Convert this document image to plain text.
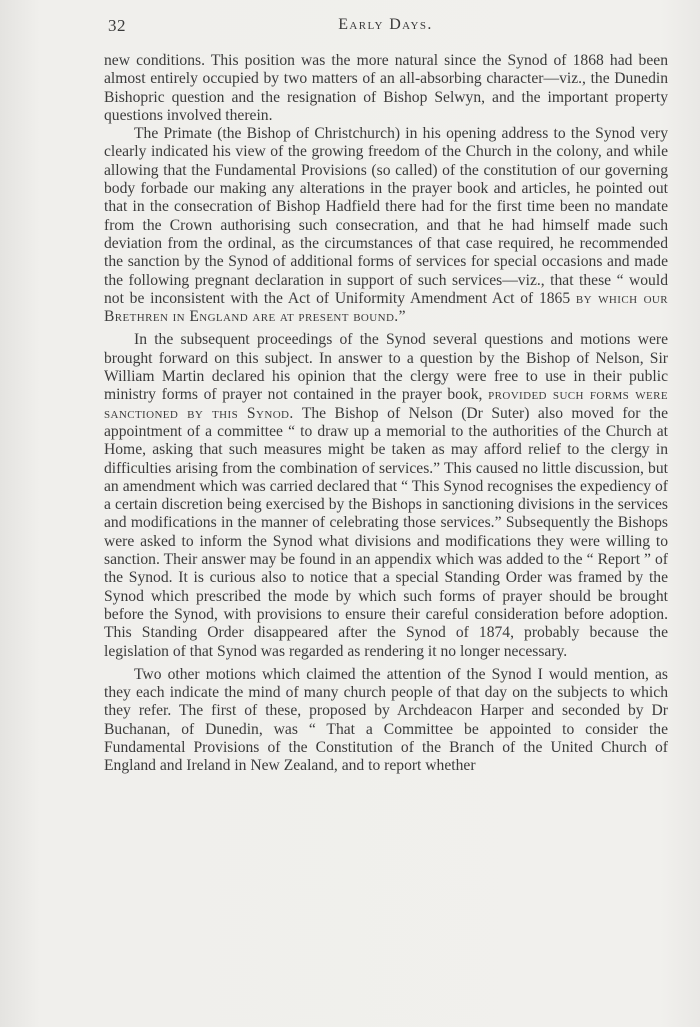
32	Early Days.

new conditions. This position was the more natural since the Synod of 1868 had been almost entirely occupied by two matters of an all-absorbing character—viz., the Dunedin Bishopric question and the resignation of Bishop Selwyn, and the important property questions involved therein.

The Primate (the Bishop of Christchurch) in his opening address to the Synod very clearly indicated his view of the growing freedom of the Church in the colony, and while allowing that the Fundamental Provisions (so called) of the constitution of our governing body forbade our making any alterations in the prayer book and articles, he pointed out that in the consecration of Bishop Hadfield there had for the first time been no mandate from the Crown authorising such consecration, and that he had himself made such deviation from the ordinal, as the circumstances of that case required, he recommended the sanction by the Synod of additional forms of services for special occasions and made the following pregnant declaration in support of such services—viz., that these “ would not be inconsistent with the Act of Uniformity Amendment Act of 1865 by which our Brethren in England are at present bound.”

In the subsequent proceedings of the Synod several questions and motions were brought forward on this subject. In answer to a question by the Bishop of Nelson, Sir William Martin declared his opinion that the clergy were free to use in their public ministry forms of prayer not contained in the prayer book, provided such forms were sanctioned by this Synod. The Bishop of Nelson (Dr Suter) also moved for the appointment of a committee “ to draw up a memorial to the authorities of the Church at Home, asking that such measures might be taken as may afford relief to the clergy in difficulties arising from the combination of services.” This caused no little discussion, but an amendment which was carried declared that “ This Synod recognises the expediency of a certain discretion being exercised by the Bishops in sanctioning divisions in the services and modifications in the manner of celebrating those services.” Subsequently the Bishops were asked to inform the Synod what divisions and modifications they were willing to sanction. Their answer may be found in an appendix which was added to the “ Report ” of the Synod. It is curious also to notice that a special Standing Order was framed by the Synod which prescribed the mode by which such forms of prayer should be brought before the Synod, with provisions to ensure their careful consideration before adoption. This Standing Order disappeared after the Synod of 1874, probably because the legislation of that Synod was regarded as rendering it no longer necessary.

Two other motions which claimed the attention of the Synod I would mention, as they each indicate the mind of many church people of that day on the subjects to which they refer. The first of these, proposed by Archdeacon Harper and seconded by Dr Buchanan, of Dunedin, was “ That a Committee be appointed to consider the Fundamental Provisions of the Constitution of the Branch of the United Church of England and Ireland in New Zealand, and to report whether
